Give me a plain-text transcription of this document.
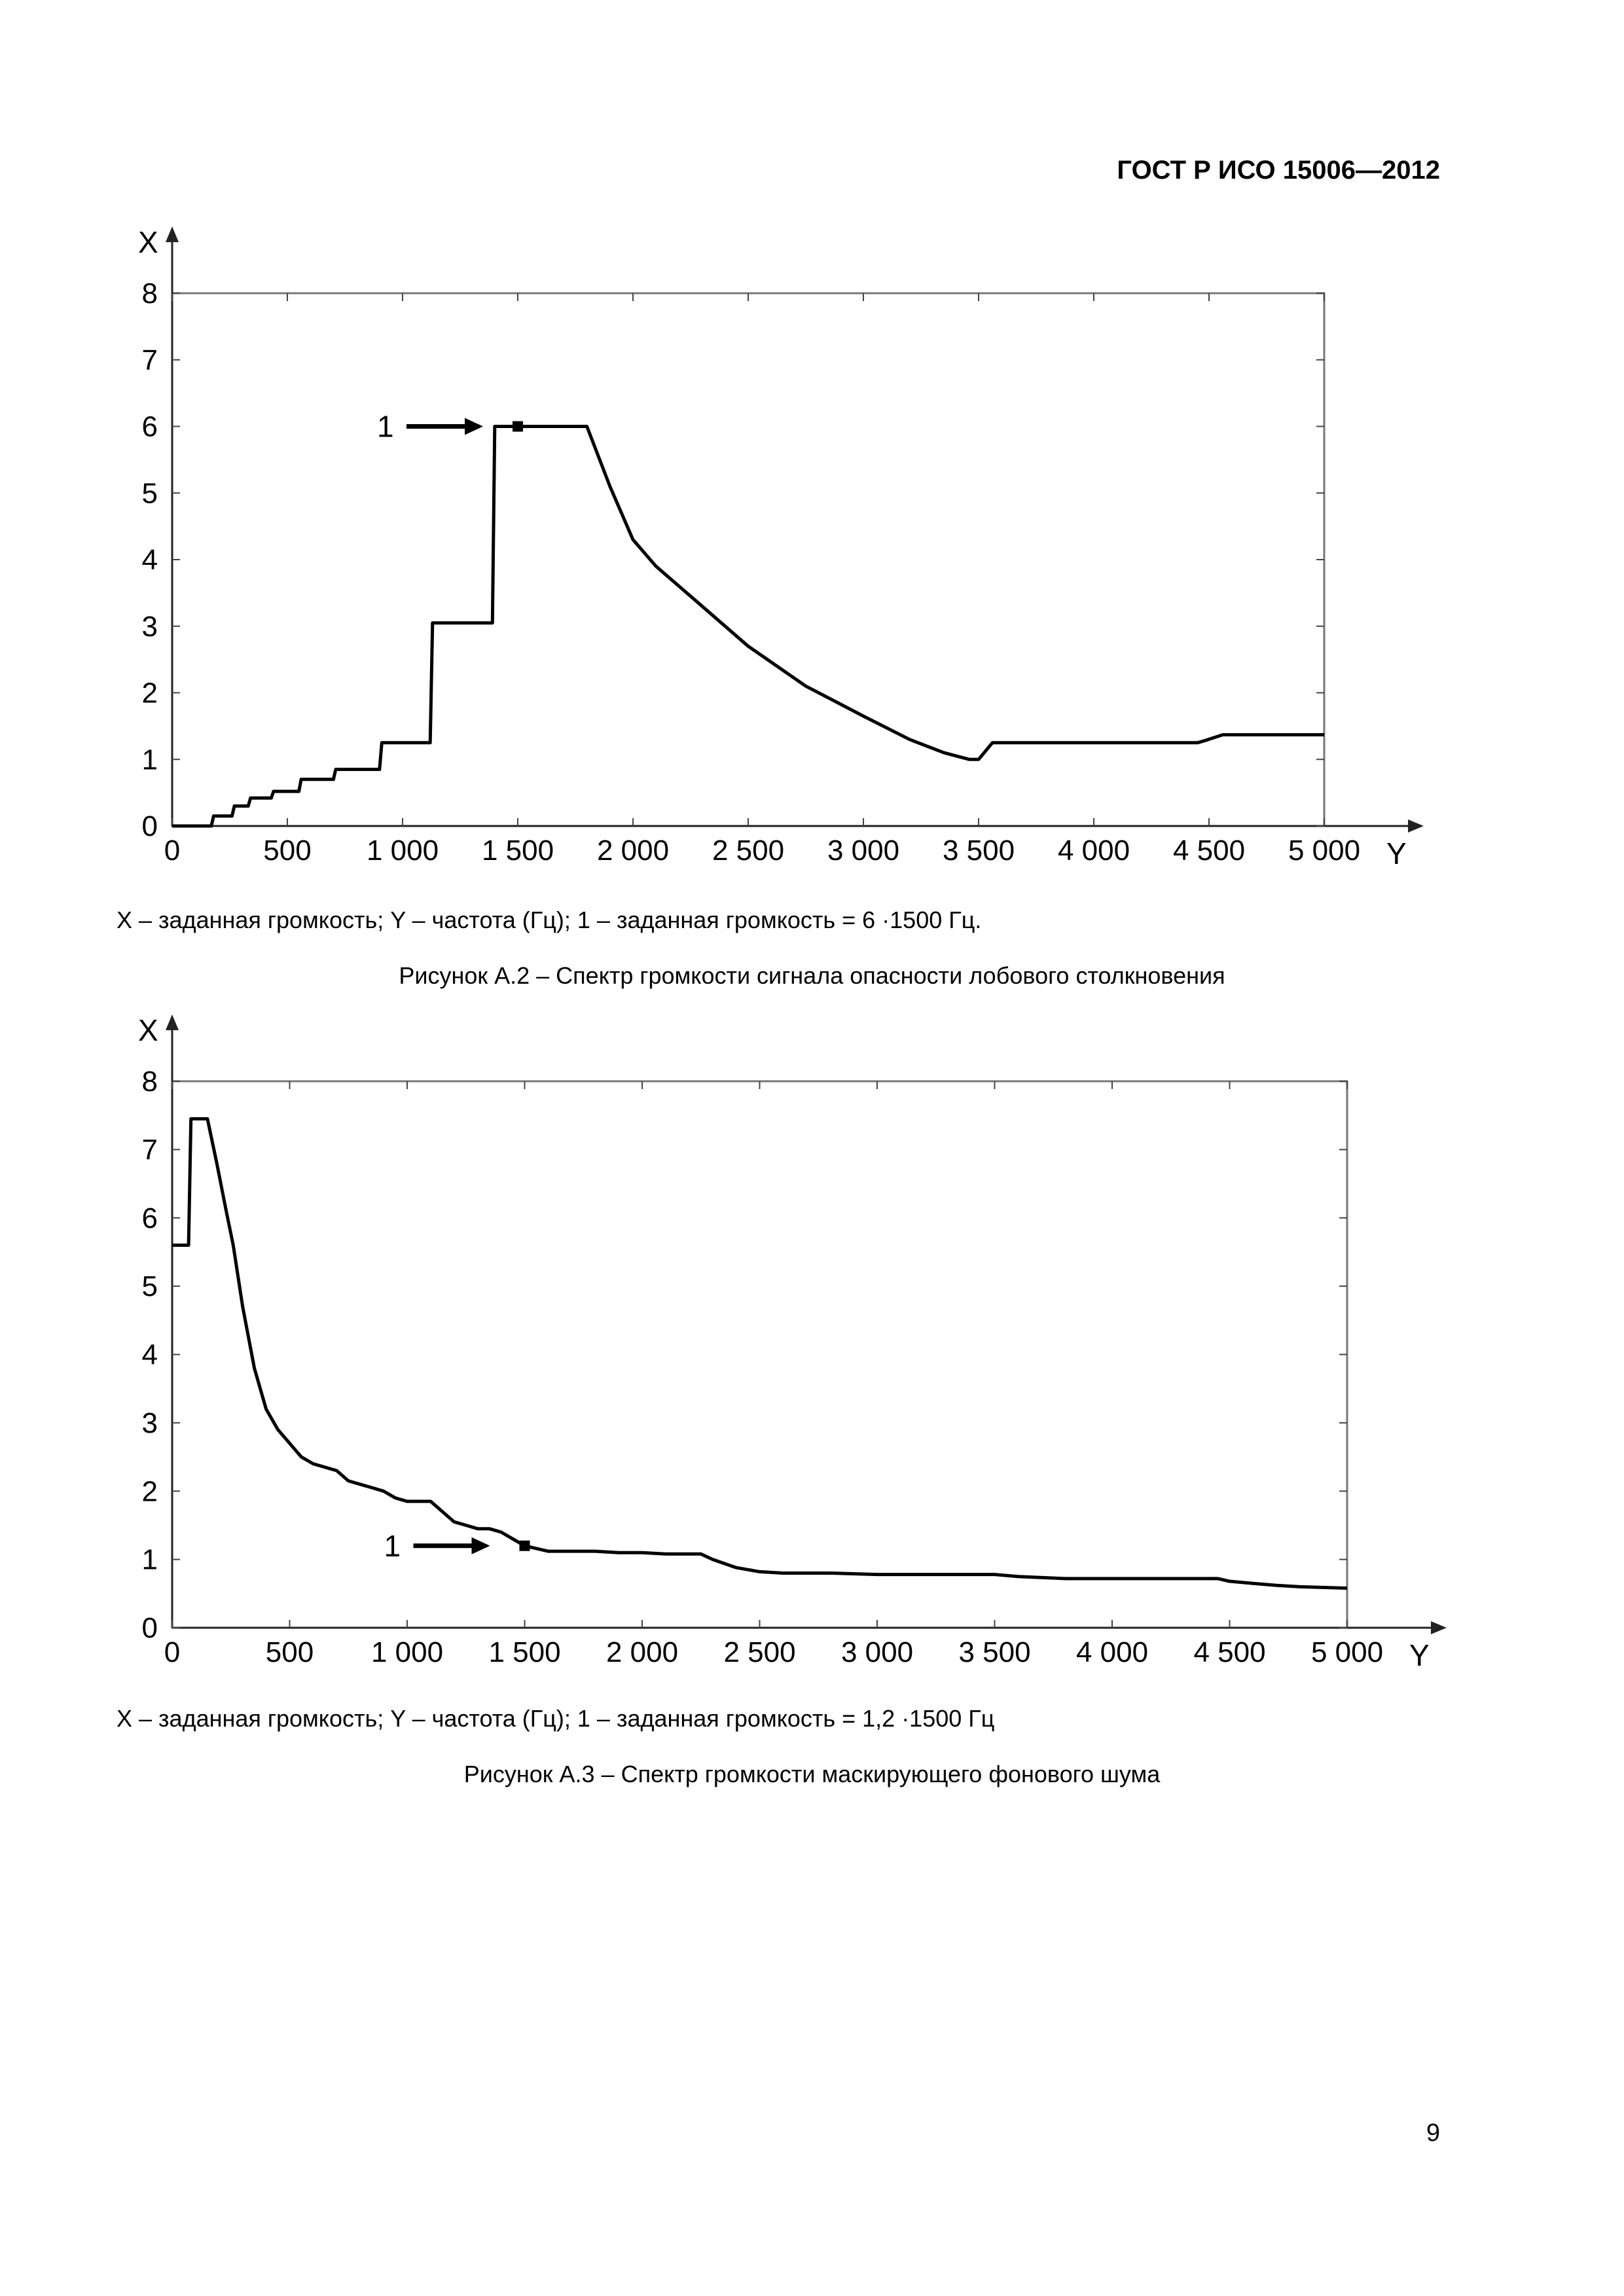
ГОСТ Р ИСО 15006—2012
X
Y
0
1
2
3
4
5
6
7
8
0	500 1 000 1 500 2 000 2 500 3 000 3 500 4 000 4 500 5 000
1
X – заданная громкость; Y – частота (Гц); 1 – заданная громкость = 6 ·1500 Гц.
Рисунок А.2 – Спектр громкости сигнала опасности лобового столкновения
X
Y
0
1
2
3
4
5
6
7
8
0	500 1 000 1 500 2 000 2 500 3 000 3 500 4 000 4 500 5 000
1
X – заданная громкость; Y – частота (Гц); 1 – заданная громкость = 1,2 ·1500 Гц
Рисунок А.3 – Спектр громкости маскирующего фонового шума
9
